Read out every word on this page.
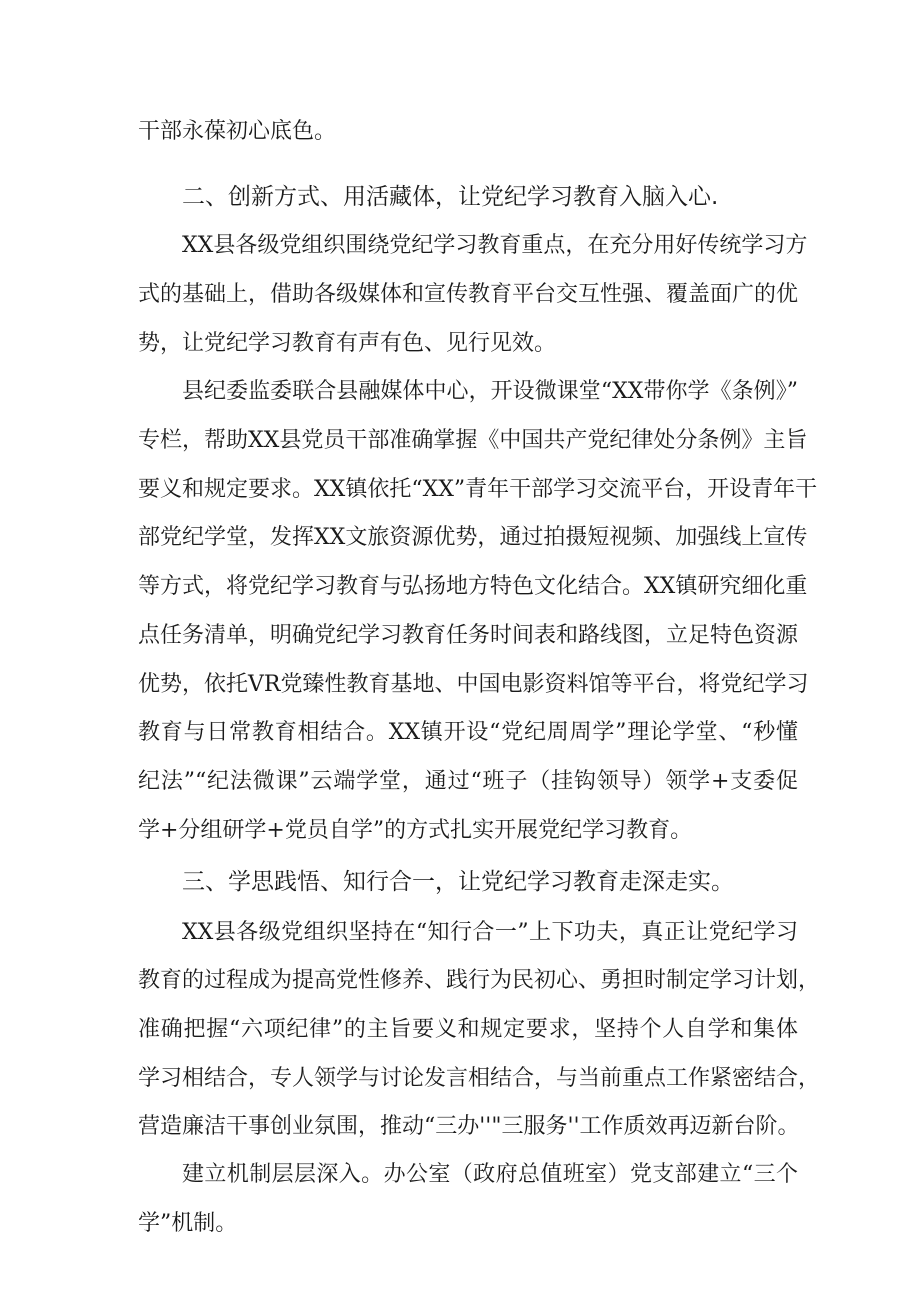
干部永葆初心底色。
二、创新方式、用活藏体，让党纪学习教育入脑入心.
XX县各级党组织围绕党纪学习教育重点，在充分用好传统学习方
式的基础上，借助各级媒体和宣传教育平台交互性强、覆盖面广的优
势，让党纪学习教育有声有色、见行见效。
县纪委监委联合县融媒体中心，开设微课堂“XX带你学《条例》”
专栏，帮助XX县党员干部准确掌握《中国共产党纪律处分条例》主旨
要义和规定要求。XX镇依托“XX”青年干部学习交流平台，开设青年干
部党纪学堂，发挥XX文旅资源优势，通过拍摄短视频、加强线上宣传
等方式，将党纪学习教育与弘扬地方特色文化结合。XX镇研究细化重
点任务清单，明确党纪学习教育任务时间表和路线图，立足特色资源
优势，依托VR党臻性教育基地、中国电影资料馆等平台，将党纪学习
教育与日常教育相结合。XX镇开设“党纪周周学”理论学堂、“秒懂
纪法”“纪法微课”云端学堂，通过“班子（挂钩领导）领学+支委促
学+分组研学+党员自学”的方式扎实开展党纪学习教育。
三、学思践悟、知行合一，让党纪学习教育走深走实。
XX县各级党组织坚持在“知行合一”上下功夫，真正让党纪学习
教育的过程成为提高党性修养、践行为民初心、勇担时制定学习计划，
准确把握“六项纪律”的主旨要义和规定要求，坚持个人自学和集体
学习相结合，专人领学与讨论发言相结合，与当前重点工作紧密结合，
营造廉洁干事创业氛围，推动“三办''"三服务''工作质效再迈新台阶。
建立机制层层深入。办公室（政府总值班室）党支部建立“三个
学”机制。
